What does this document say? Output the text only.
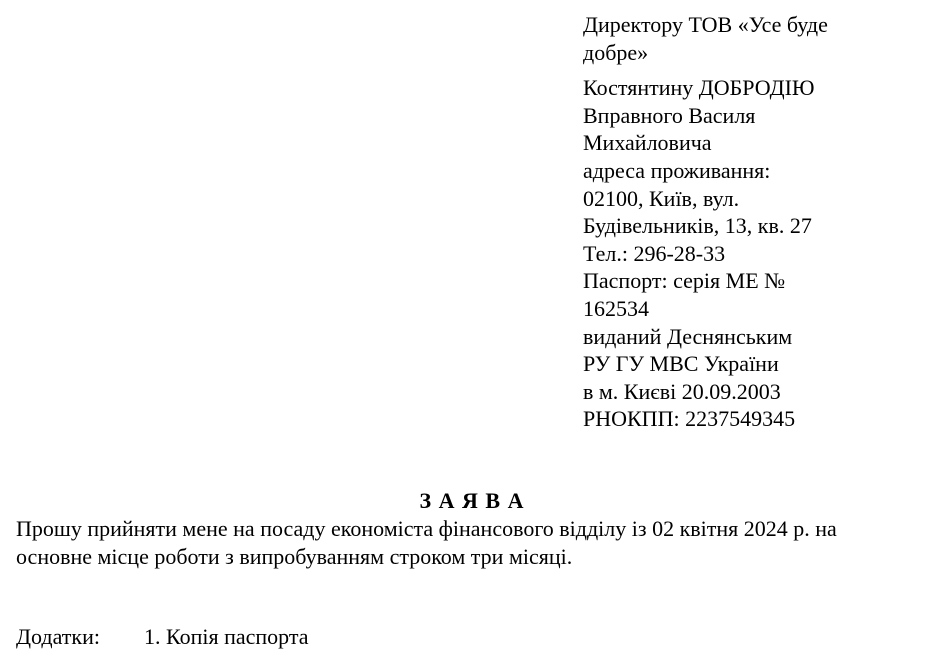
Директору ТОВ «Усе буде
добре»
Костянтину ДОБРОДІЮ
Вправного Василя
Михайловича
адреса проживання:
02100, Київ, вул.
Будівельників, 13, кв. 27
Тел.: 296-28-33
Паспорт: серія МЕ №
162534
виданий Деснянським
РУ ГУ МВС України
в м. Києві 20.09.2003
РНОКПП: 2237549345
З А Я В А
Прошу прийняти мене на посаду економіста фінансового відділу із 02 квітня 2024 р. на
основне місце роботи з випробуванням строком три місяці.
Додатки: 1. Копія паспорта
